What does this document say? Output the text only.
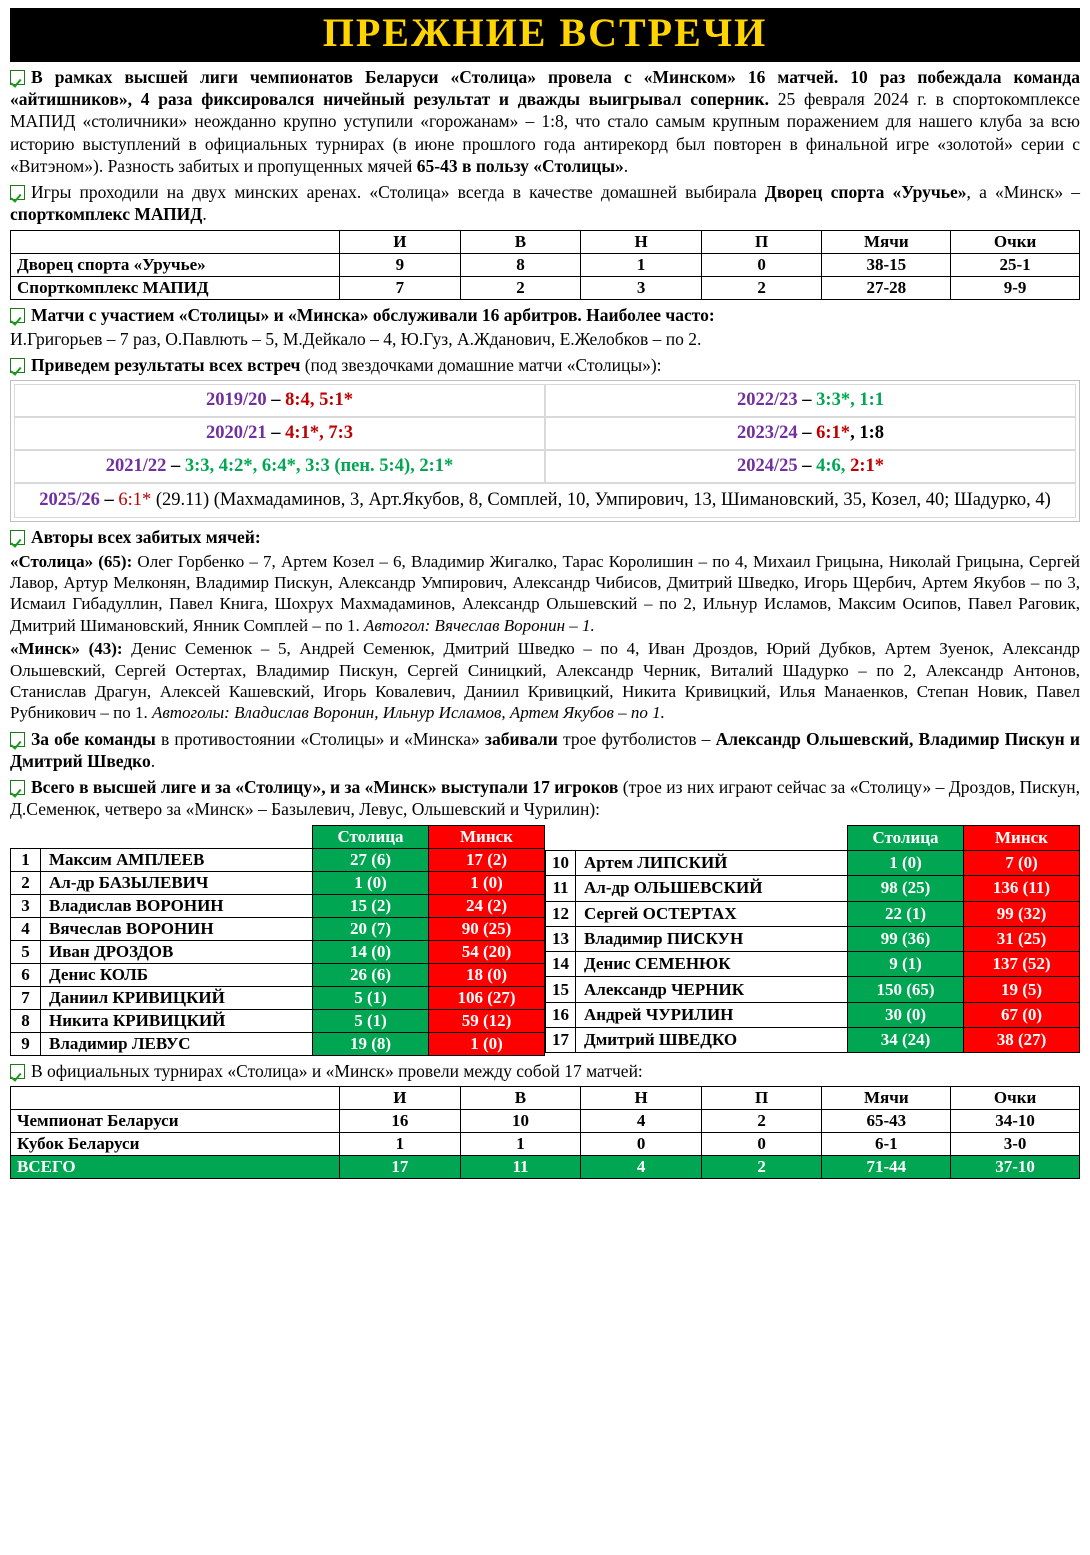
ПРЕЖНИЕ ВСТРЕЧИ
В рамках высшей лиги чемпионатов Беларуси «Столица» провела с «Минском» 16 матчей. 10 раз побеждала команда «айтишников», 4 раза фиксировался ничейный результат и дважды выигрывал соперник. 25 февраля 2024 г. в спортокомплексе МАПИД «столичники» неожданно крупно уступили «горожанам» – 1:8, что стало самым крупным поражением для нашего клуба за всю историю выступлений в официальных турнирах (в июне прошлого года антирекорд был повторен в финальной игре «золотой» серии с «Витэном»). Разность забитых и пропущенных мячей 65-43 в пользу «Столицы».
Игры проходили на двух минских аренах. «Столица» всегда в качестве домашней выбирала Дворец спорта «Уручье», а «Минск» – спорткомплекс МАПИД.
	И	В	Н	П	Мячи	Очки
Дворец спорта «Уручье»	9	8	1	0	38-15	25-1
Спорткомплекс МАПИД	7	2	3	2	27-28	9-9
Матчи с участием «Столицы» и «Минска» обслуживали 16 арбитров. Наиболее часто:
И.Григорьев – 7 раз, О.Павлють – 5, М.Дейкало – 4, Ю.Гуз, А.Жданович, Е.Желобков – по 2.
Приведем результаты всех встреч (под звездочками домашние матчи «Столицы»):
2019/20 – 8:4, 5:1*	2022/23 – 3:3*, 1:1
2020/21 – 4:1*, 7:3	2023/24 – 6:1*, 1:8
2021/22 – 3:3, 4:2*, 6:4*, 3:3 (пен. 5:4), 2:1*	2024/25 – 4:6, 2:1*
2025/26 – 6:1* (29.11) (Махмадаминов, 3, Арт.Якубов, 8, Сомплей, 10, Умпирович, 13, Шимановский, 35, Козел, 40; Шадурко, 4)
Авторы всех забитых мячей:
«Столица» (65): Олег Горбенко – 7, Артем Козел – 6, Владимир Жигалко, Тарас Королишин – по 4, Михаил Грицына, Николай Грицына, Сергей Лавор, Артур Мелконян, Владимир Пискун, Александр Умпирович, Александр Чибисов, Дмитрий Шведко, Игорь Щербич, Артем Якубов – по 3, Исмаил Гибадуллин, Павел Книга, Шохрух Махмадаминов, Александр Ольшевский – по 2, Ильнур Исламов, Максим Осипов, Павел Раговик, Дмитрий Шимановский, Янник Сомплей – по 1. Автогол: Вячеслав Воронин – 1.
«Минск» (43): Денис Семенюк – 5, Андрей Семенюк, Дмитрий Шведко – по 4, Иван Дроздов, Юрий Дубков, Артем Зуенок, Александр Ольшевский, Сергей Остертах, Владимир Пискун, Сергей Синицкий, Александр Черник, Виталий Шадурко – по 2, Александр Антонов, Станислав Драгун, Алексей Кашевский, Игорь Ковалевич, Даниил Кривицкий, Никита Кривицкий, Илья Манаенков, Степан Новик, Павел Рубникович – по 1. Автоголы: Владислав Воронин, Ильнур Исламов, Артем Якубов – по 1.
За обе команды в противостоянии «Столицы» и «Минска» забивали трое футболистов – Александр Ольшевский, Владимир Пискун и Дмитрий Шведко.
Всего в высшей лиге и за «Столицу», и за «Минск» выступали 17 игроков (трое из них играют сейчас за «Столицу» – Дроздов, Пискун, Д.Семенюк, четверо за «Минск» – Базылевич, Левус, Ольшевский и Чурилин):
		Столица	Минск
1	Максим АМПЛЕЕВ	27 (6)	17 (2)
2	Ал-др БАЗЫЛЕВИЧ	1 (0)	1 (0)
3	Владислав ВОРОНИН	15 (2)	24 (2)
4	Вячеслав ВОРОНИН	20 (7)	90 (25)
5	Иван ДРОЗДОВ	14 (0)	54 (20)
6	Денис КОЛБ	26 (6)	18 (0)
7	Даниил КРИВИЦКИЙ	5 (1)	106 (27)
8	Никита КРИВИЦКИЙ	5 (1)	59 (12)
9	Владимир ЛЕВУС	19 (8)	1 (0)
		Столица	Минск
10	Артем ЛИПСКИЙ	1 (0)	7 (0)
11	Ал-др ОЛЬШЕВСКИЙ	98 (25)	136 (11)
12	Сергей ОСТЕРТАХ	22 (1)	99 (32)
13	Владимир ПИСКУН	99 (36)	31 (25)
14	Денис СЕМЕНЮК	9 (1)	137 (52)
15	Александр ЧЕРНИК	150 (65)	19 (5)
16	Андрей ЧУРИЛИН	30 (0)	67 (0)
17	Дмитрий ШВЕДКО	34 (24)	38 (27)

В официальных турнирах «Столица» и «Минск» провели между собой 17 матчей:
	И	В	Н	П	Мячи	Очки
Чемпионат Беларуси	16	10	4	2	65-43	34-10
Кубок Беларуси	1	1	0	0	6-1	3-0
ВСЕГО	17	11	4	2	71-44	37-10
